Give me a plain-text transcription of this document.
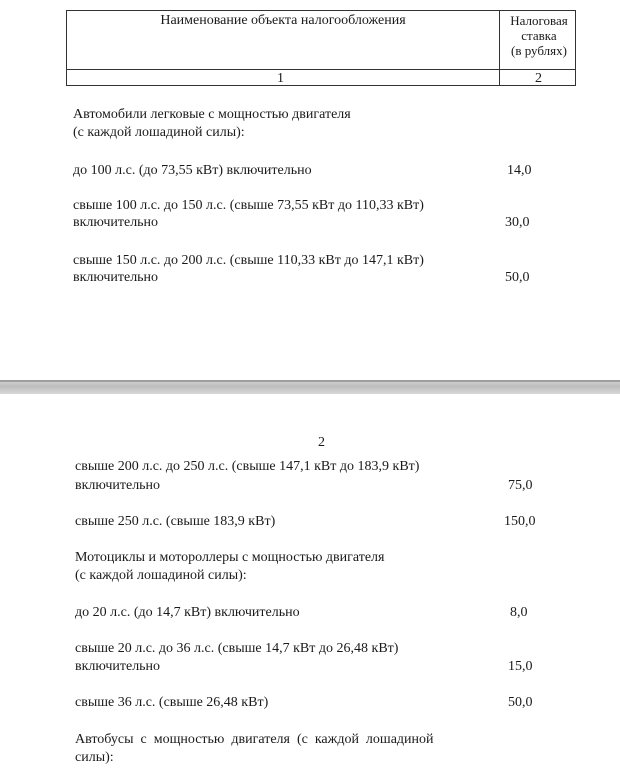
Наименование объекта налогообложения	Налоговая
ставка
(в рублях)
1	2
Автомобили легковые с мощностью двигателя
(с каждой лошадиной силы):
до 100 л.с. (до 73,55 кВт) включительно	14,0
свыше 100 л.с. до 150 л.с. (свыше 73,55 кВт до 110,33 кВт)
включительно	30,0
свыше 150 л.с. до 200 л.с. (свыше 110,33 кВт до 147,1 кВт)
включительно	50,0
2
свыше 200 л.с. до 250 л.с. (свыше 147,1 кВт до 183,9 кВт)
включительно	75,0
свыше 250 л.с. (свыше 183,9 кВт)	150,0
Мотоциклы и мотороллеры с мощностью двигателя
(с каждой лошадиной силы):
до 20 л.с. (до 14,7 кВт) включительно	8,0
свыше 20 л.с. до 36 л.с. (свыше 14,7 кВт до 26,48 кВт)
включительно	15,0
свыше 36 л.с. (свыше 26,48 кВт)	50,0
Автобусы  с  мощностью  двигателя  (с  каждой  лошадиной
силы):
